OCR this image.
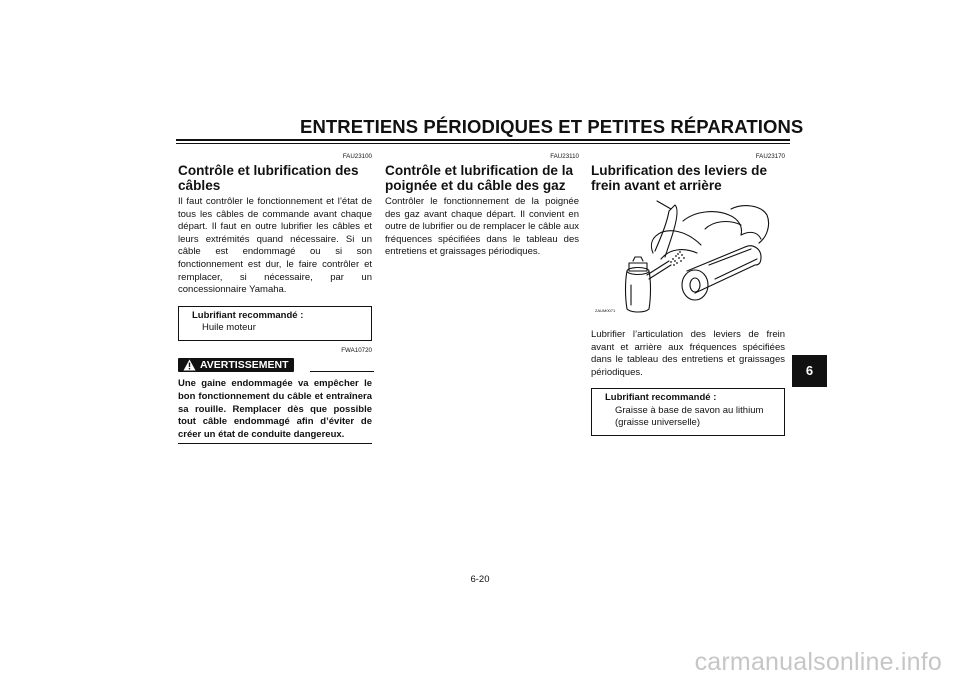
ENTRETIENS PÉRIODIQUES ET PETITES RÉPARATIONS

FAU23100

Contrôle et lubrification des câbles

Il faut contrôler le fonctionnement et l’état de tous les câbles de commande avant chaque départ. Il faut en outre lubrifier les câbles et leurs extrémités quand nécessaire. Si un câble est endommagé ou si son fonctionnement est dur, le faire contrôler et remplacer, si nécessaire, par un concessionnaire Yamaha.

Lubrifiant recommandé :
Huile moteur

FWA10720

AVERTISSEMENT

Une gaine endommagée va empêcher le bon fonctionnement du câble et entraînera sa rouille. Remplacer dès que possible tout câble endommagé afin d’éviter de créer un état de conduite dangereux.

FAU23110

Contrôle et lubrification de la poignée et du câble des gaz

Contrôler le fonctionnement de la poignée des gaz avant chaque départ. Il convient en outre de lubrifier ou de remplacer le câble aux fréquences spécifiées dans le tableau des entretiens et graissages périodiques.

FAU23170

Lubrification des leviers de frein avant et arrière
ZAUM0071

Lubrifier l’articulation des leviers de frein avant et arrière aux fréquences spécifiées dans le tableau des entretiens et graissages périodiques.

Lubrifiant recommandé :
Graisse à base de savon au lithium
(graisse universelle)
6
6-20
carmanualsonline.info
